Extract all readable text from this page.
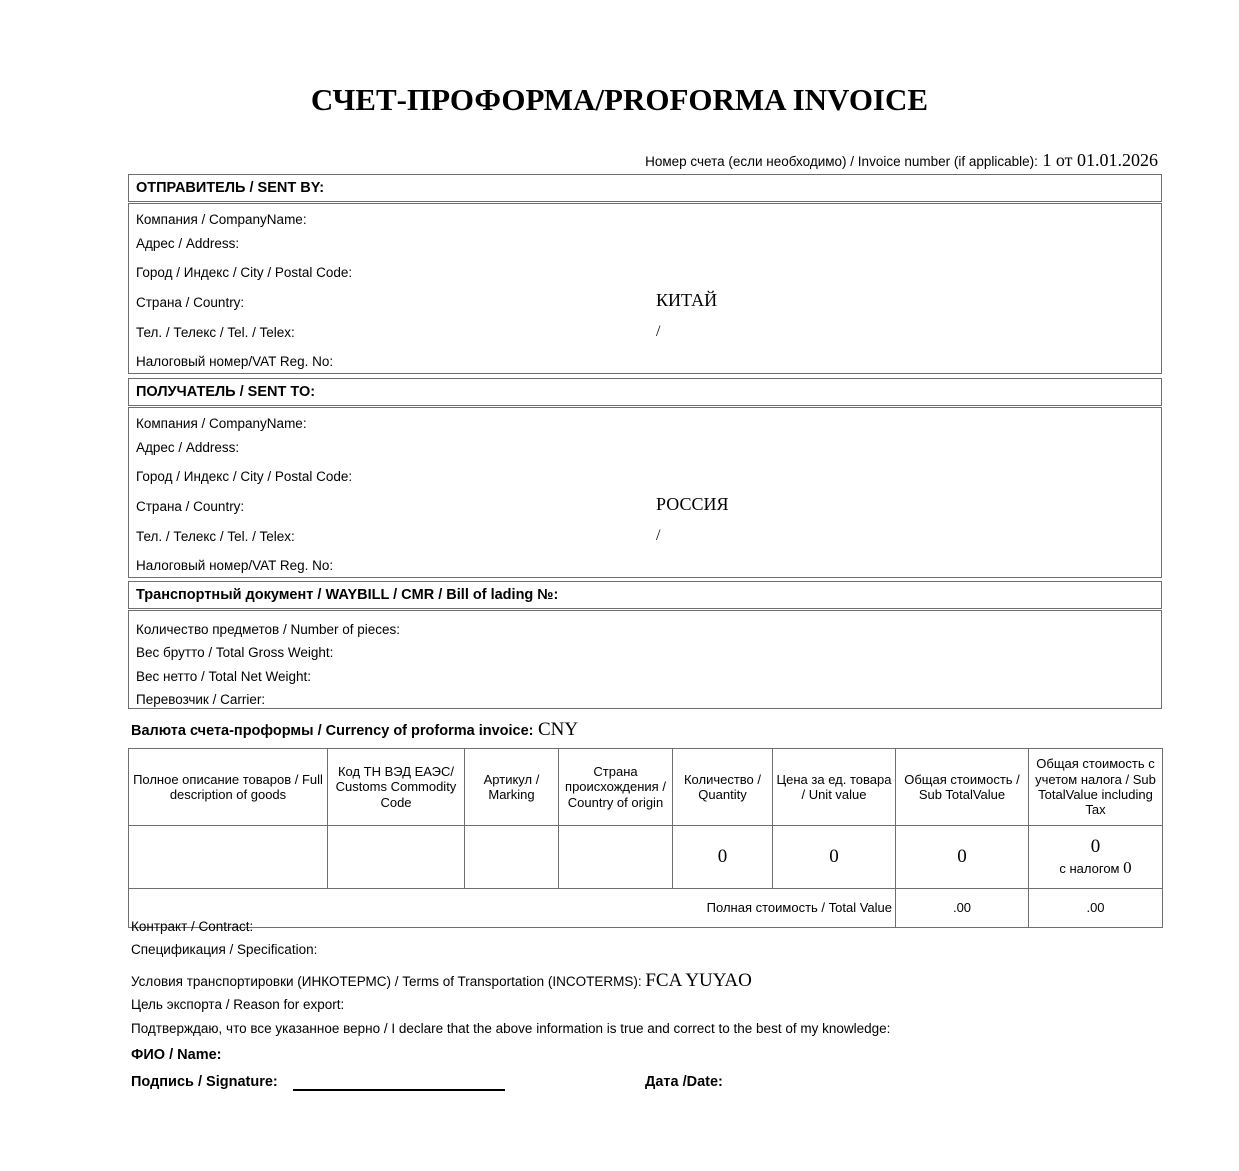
СЧЕТ-ПРОФОРМА/PROFORMA INVOICE
Номер счета (если необходимо) / Invoice number (if applicable): 1 от 01.01.2026
ОТПРАВИТЕЛЬ / SENT BY:
Компания / CompanyName:
Адрес / Address:
Город / Индекс / City / Postal Code:
Страна / Country:	КИТАЙ
Тел. / Телекс / Tel. / Telex:	/
Налоговый номер/VAT Reg. No:
ПОЛУЧАТЕЛЬ / SENT TO:
Компания / CompanyName:
Адрес / Address:
Город / Индекс / City / Postal Code:
Страна / Country:	РОССИЯ
Тел. / Телекс / Tel. / Telex:	/
Налоговый номер/VAT Reg. No:
Транспортный документ / WAYBILL / CMR / Bill of lading №:
Количество предметов / Number of pieces:
Вес брутто / Total Gross Weight:
Вес нетто / Total Net Weight:
Перевозчик / Carrier:
Валюта счета-проформы / Currency of proforma invoice: CNY
Полное описание товаров / Full description of goods	Код ТН ВЭД ЕАЭС/ Customs Commodity Code	Артикул / Marking	Страна происхождения / Country of origin	Количество / Quantity	Цена за ед. товара / Unit value	Общая стоимость / Sub TotalValue	Общая стоимость с учетом налога / Sub TotalValue including Tax
				0	0	0	0
с налогом 0

Полная стоимость / Total Value						.00	.00
Контракт / Contract:
Спецификация / Specification:
Условия транспортировки (ИНКОТЕРМС) / Terms of Transportation (INCOTERMS): FCA YUYAO
Цель экспорта / Reason for export:
Подтверждаю, что все указанное верно / I declare that the above information is true and correct to the best of my knowledge:
ФИО / Name:
Подпись / Signature:	Дата /Date:
